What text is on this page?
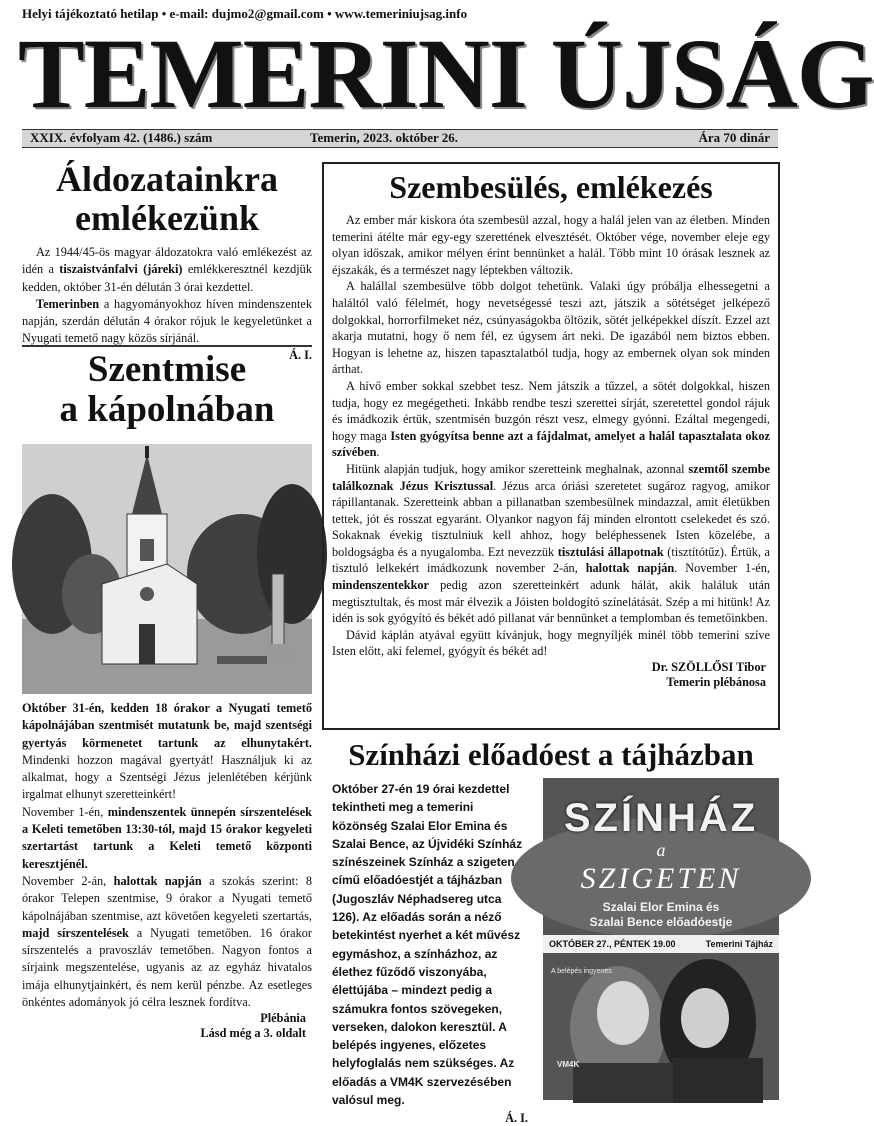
Helyi tájékoztató hetilap • e-mail: dujmo2@gmail.com • www.temeriniujsag.info
TEMERINI ÚJSÁG
XXIX. évfolyam 42. (1486.) szám	Temerin, 2023. október 26.	Ára 70 dinár
Áldozatainkra
emlékezünk

Az 1944/45-ös magyar áldozatokra való emlékezést az idén a tiszaistvánfalvi (járeki) emlékkeresztnél kezdjük kedden, október 31-én délután 3 órai kezdettel.

Temerinben a hagyományokhoz híven mindenszentek napján, szerdán délután 4 órakor rójuk le kegyeletünket a Nyugati temető nagy közös sírjánál.

Á. I.
Szentmise
a kápolnában

Október 31-én, kedden 18 órakor a Nyugati temető kápolnájában szentmisét mutatunk be, majd szentségi gyertyás körmenetet tartunk az elhunytakért. Mindenki hozzon magával gyertyát! Használjuk ki az alkalmat, hogy a Szentségi Jézus jelenlétében kérjünk irgalmat elhunyt szeretteinkért!

November 1-én, mindenszentek ünnepén sírszentelések a Keleti temetőben 13:30-tól, majd 15 órakor kegyeleti szertartást tartunk a Keleti temető központi keresztjénél.

November 2-án, halottak napján a szokás szerint: 8 órakor Telepen szentmise, 9 órakor a Nyugati temető kápolnájában szentmise, azt követően kegyeleti szertartás, majd sírszentelések a Nyugati temetőben. 16 órakor sírszentelés a pravoszláv temetőben. Nagyon fontos a sírjaink megszentelése, ugyanis az az egyház hivatalos imája elhunytjainkért, és nem kerül pénzbe. Az esetleges önkéntes adományok jó célra lesznek fordítva.

Plébánia
Lásd még a 3. oldalt
Szembesülés, emlékezés

Az ember már kiskora óta szembesül azzal, hogy a halál jelen van az életben. Minden temerini átélte már egy-egy szerettének elvesztését. Október vége, november eleje egy olyan időszak, amikor mélyen érint bennünket a halál. Több mint 10 órásak lesznek az éjszakák, és a természet nagy léptekben változik.

A halállal szembesülve több dolgot tehetünk. Valaki úgy próbálja elhessegetni a haláltól való félelmét, hogy nevetségessé teszi azt, játszik a sötétséget jelképező dolgokkal, horrorfilmeket néz, csúnyaságokba öltözik, sötét jelképekkel díszít. Ezzel azt akarja mutatni, hogy ő nem fél, ez úgysem árt neki. De igazából nem biztos ebben. Hogyan is lehetne az, hiszen tapasztalatból tudja, hogy az embernek olyan sok minden árthat.

A hívő ember sokkal szebbet tesz. Nem játszik a tűzzel, a sötét dolgokkal, hiszen tudja, hogy ez megégetheti. Inkább rendbe teszi szerettei sírját, szeretettel gondol rájuk és imádkozik értük, szentmisén buzgón részt vesz, elmegy gyónni. Ezáltal megengedi, hogy maga Isten gyógyítsa benne azt a fájdalmat, amelyet a halál tapasztalata okoz szívében.

Hitünk alapján tudjuk, hogy amikor szeretteink meghalnak, azonnal szemtől szembe találkoznak Jézus Krisztussal. Jézus arca óriási szeretetet sugároz ragyog, amikor rápillantanak. Szeretteink abban a pillanatban szembesülnek mindazzal, amit életükben tettek, jót és rosszat egyaránt. Olyankor nagyon fáj minden elrontott cselekedet és szó. Sokaknak évekig tisztulniuk kell ahhoz, hogy beléphessenek Isten közelébe, a boldogságba és a nyugalomba. Ezt nevezzük tisztulási állapotnak (tisztítótűz). Értük, a tisztuló lelkekért imádkozunk november 2-án, halottak napján. November 1-én, mindenszentekkor pedig azon szeretteinkért adunk hálát, akik haláluk után megtisztultak, és most már élvezik a Jóisten boldogító színelátását. Szép a mi hitünk! Az idén is sok gyógyító és békét adó pillanat vár bennünket a templomban és temetőinkben.

Dávid káplán atyával együtt kívánjuk, hogy megnyíljék minél több temerini szíve Isten előtt, aki felemel, gyógyít és békét ad!

Dr. SZÖLLŐSI Tibor
Temerin plébánosa
Színházi előadóest a tájházban

Október 27-én 19 órai kezdettel tekintheti meg a temerini közönség Szalai Elor Emina és Szalai Bence, az Újvidéki Színház színészeinek Színház a szigeten című előadóestjét a tájházban (Jugoszláv Néphadsereg utca 126). Az előadás során a néző betekintést nyerhet a két művész egymáshoz, a színházhoz, az élethez fűződő viszonyába, élettújába – mindezt pedig a számukra fontos szövegeken, verseken, dalokon keresztül. A belépés ingyenes, előzetes helyfoglalás nem szükséges. Az előadás a VM4K szervezésében valósul meg.

Á. I.
SZÍNHÁZ
a
SZIGETEN
Szalai Elor Emina és
Szalai Bence előadóestje
OKTÓBER 27., PÉNTEK 19.00	Temerini Tájház
A belépés ingyenes
VM4K
